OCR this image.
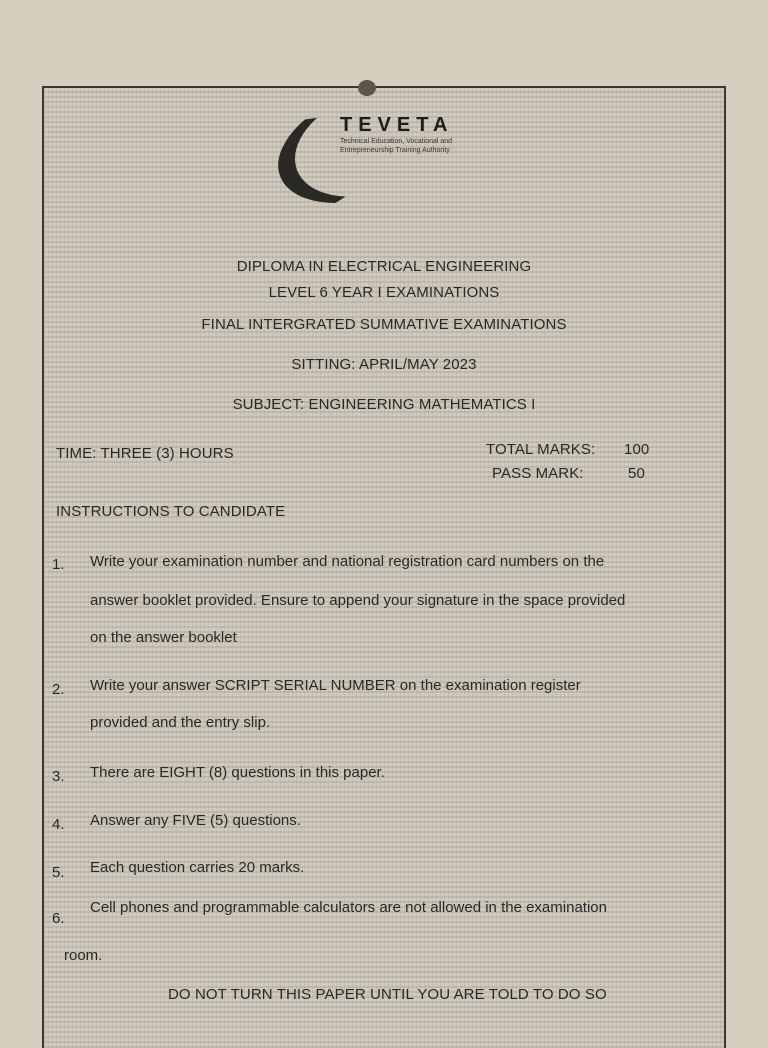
TEVETA
Technical Education, Vocational and
Entrepreneurship Training Authority
DIPLOMA IN ELECTRICAL ENGINEERING
LEVEL 6 YEAR I EXAMINATIONS
FINAL INTERGRATED SUMMATIVE EXAMINATIONS
SITTING: APRIL/MAY 2023
SUBJECT: ENGINEERING MATHEMATICS I
TIME: THREE (3) HOURS	TOTAL MARKS: 100
PASS MARK:	50
INSTRUCTIONS TO CANDIDATE
1. Write your examination number and national registration card numbers on the
answer booklet provided. Ensure to append your signature in the space provided
on the answer booklet
2. Write your answer SCRIPT SERIAL NUMBER on the examination register
provided and the entry slip.
3. There are EIGHT (8) questions in this paper.
4. Answer any FIVE (5) questions.
5. Each question carries 20 marks.
6.
Cell phones and programmable calculators are not allowed in the examination
room.
DO NOT TURN THIS PAPER UNTIL YOU ARE TOLD TO DO SO
